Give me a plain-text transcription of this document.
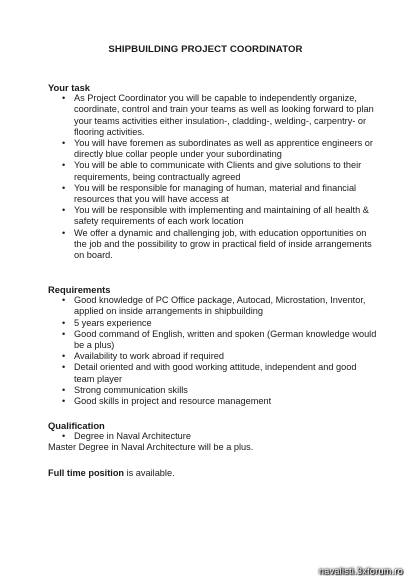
SHIPBUILDING PROJECT COORDINATOR

Your task

• As Project Coordinator you will be capable to independently organize, coordinate, control and train your teams as well as looking forward to plan your teams activities either insulation-, cladding-, welding-, carpentry- or flooring activities.
• You will have foremen as subordinates as well as apprentice engineers or directly blue collar people under your subordinating
• You will be able to communicate with Clients and give solutions to their requirements, being contractually agreed
• You will be responsible for managing of human, material and financial resources that you will have access at
• You will be responsible with implementing and maintaining of all health & safety requirements of each work location
• We offer a dynamic and challenging job, with education opportunities on the job and the possibility to grow in practical field of inside arrangements on board.

Requirements

• Good knowledge of PC Office package, Autocad, Microstation, Inventor, applied on inside arrangements in shipbuilding
• 5 years experience
• Good command of English, written and spoken (German knowledge would be a plus)
• Availability to work abroad if required
• Detail oriented and with good working attitude, independent and good team player
• Strong communication skills
• Good skills in project and resource management

Qualification

• Degree in Naval Architecture
Master Degree in Naval Architecture will be a plus.
Full time position is available.
navalisti.3xforum.ro
